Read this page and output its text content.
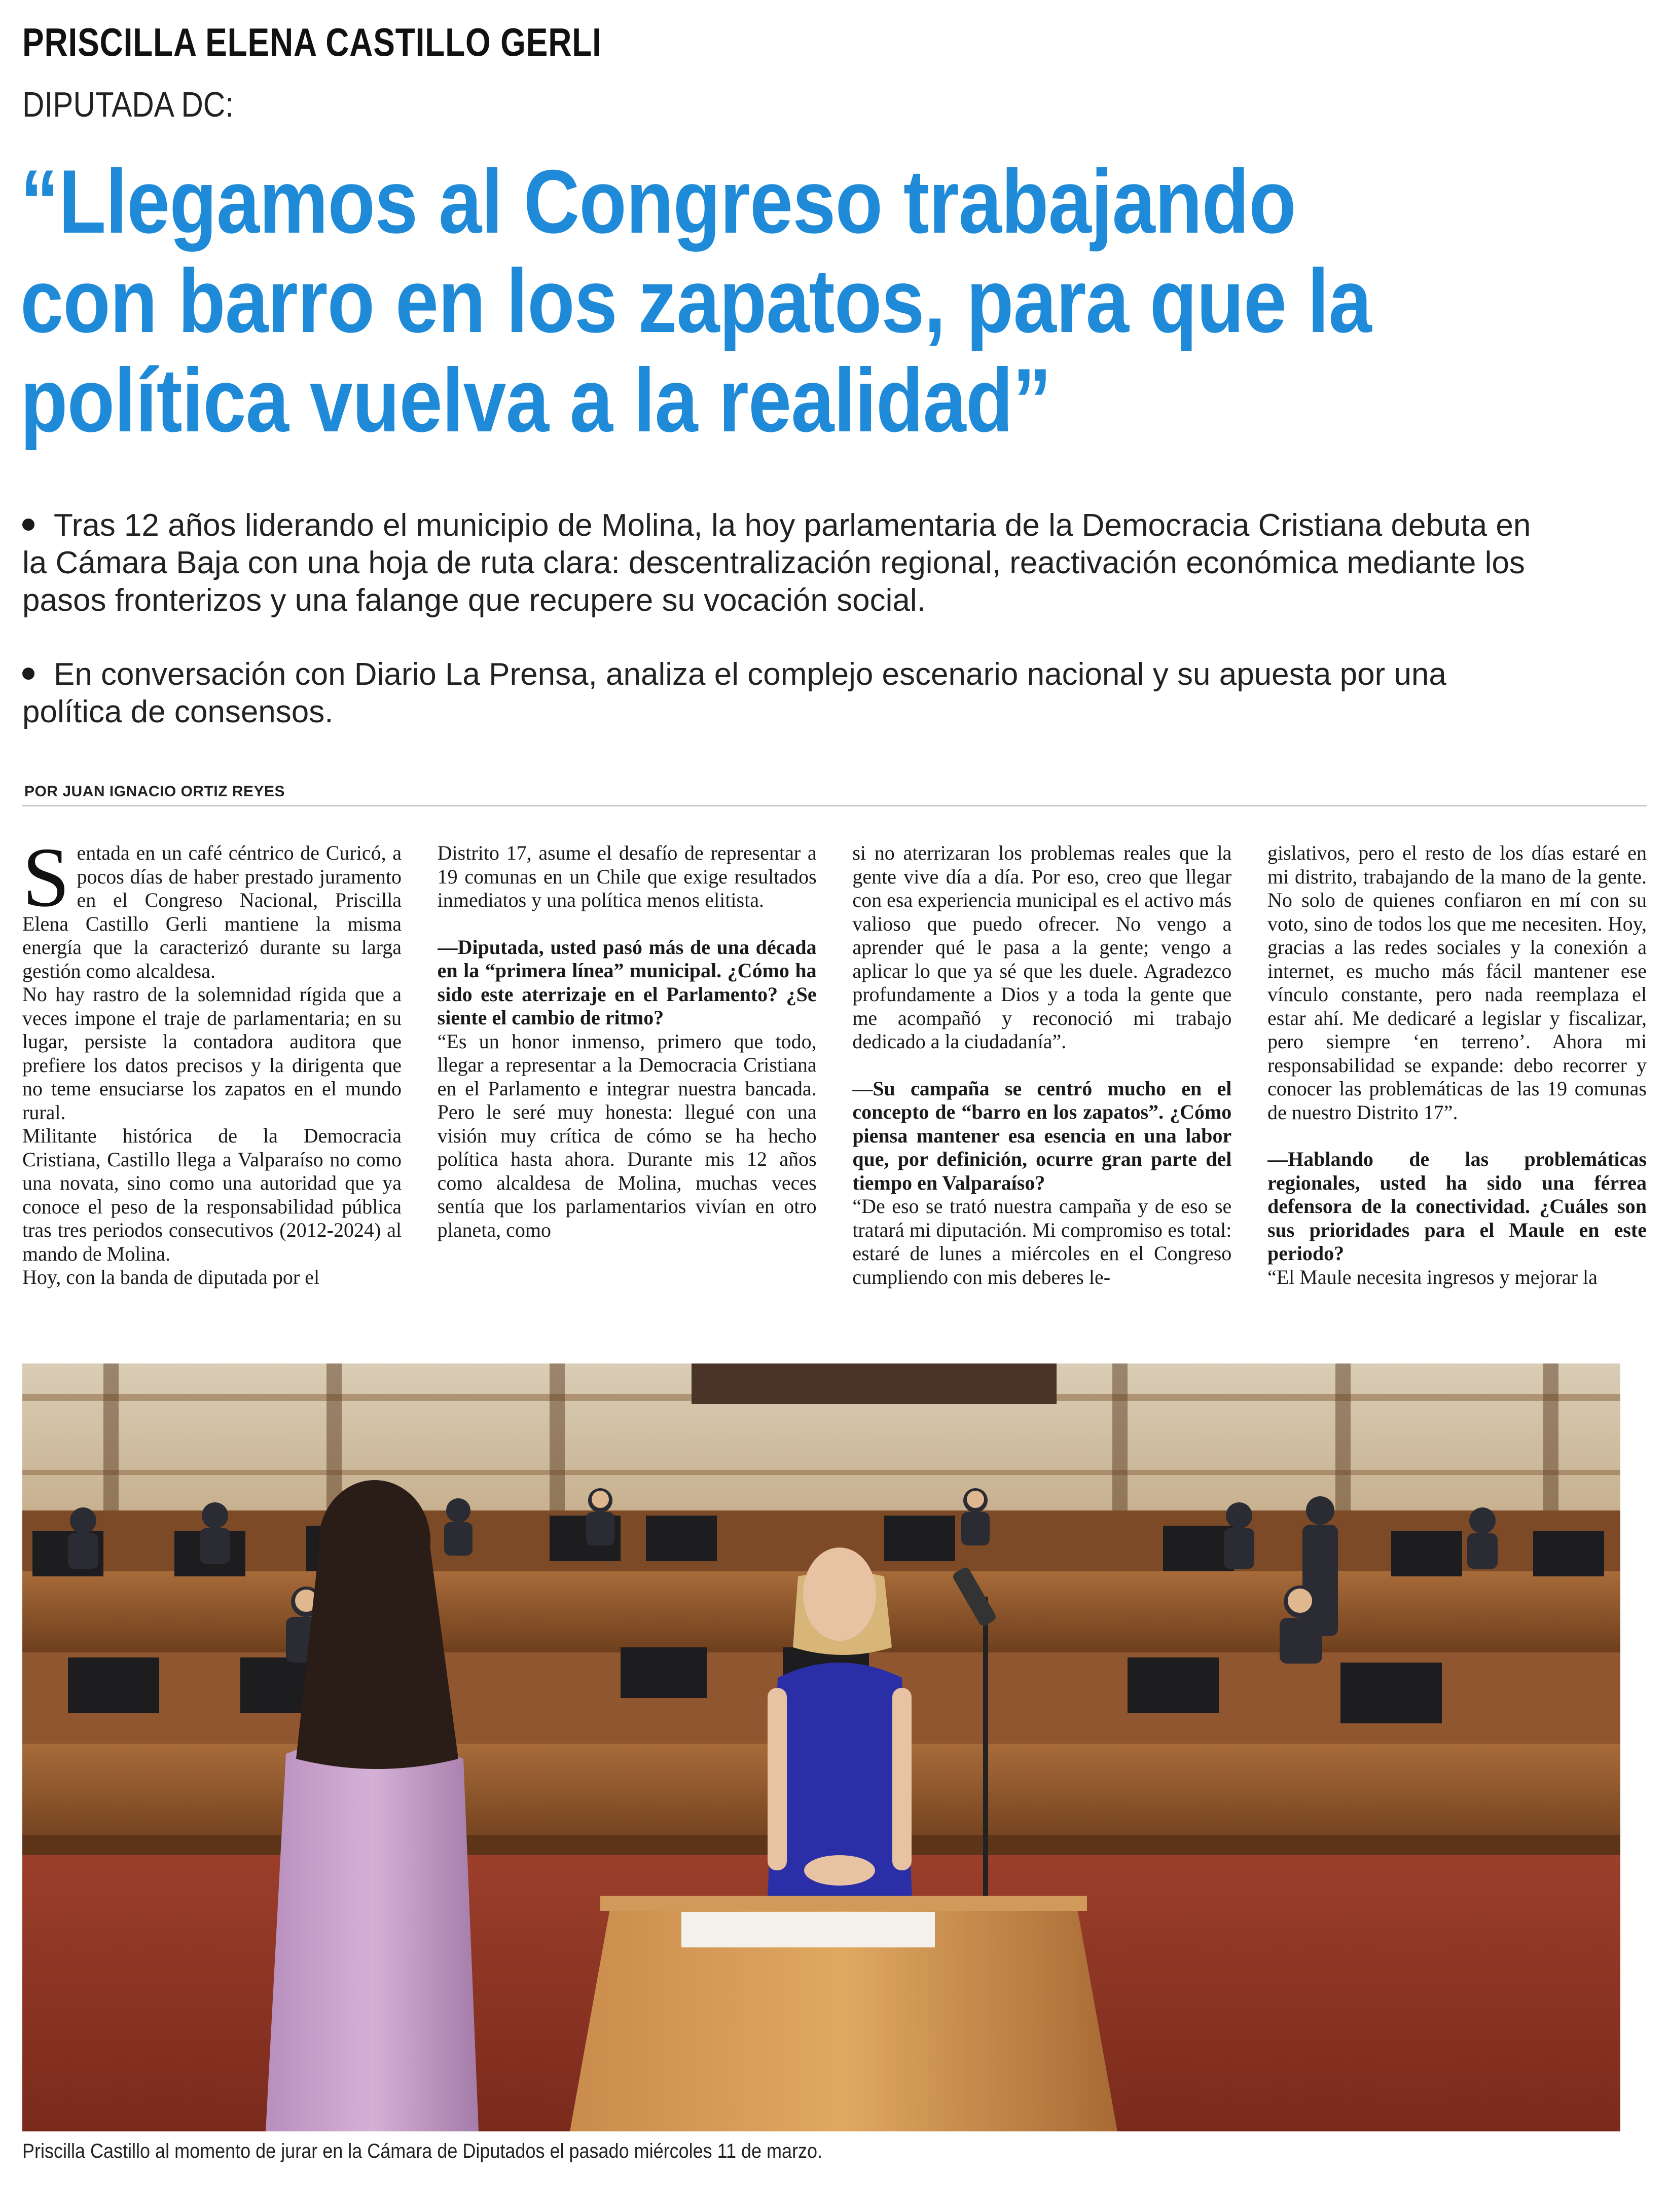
PRISCILLA ELENA CASTILLO GERLI
DIPUTADA DC:
“Llegamos al Congreso trabajando
con barro en los zapatos, para que la
política vuelva a la realidad”
Tras 12 años liderando el municipio de Molina, la hoy parlamentaria de la Democracia Cristiana debuta en la Cámara Baja con una hoja de ruta clara: descentralización regional, reactivación económica mediante los pasos fronterizos y una falange que recupere su vocación social.
En conversación con Diario La Prensa, analiza el complejo escenario nacional y su apuesta por una política de consensos.
POR JUAN IGNACIO ORTIZ REYES

Sentada en un café céntrico de Curicó, a pocos días de haber prestado juramento en el Congreso Nacional, Priscilla Elena Castillo Gerli mantiene la misma energía que la caracterizó durante su larga gestión como alcaldesa.

No hay rastro de la solemnidad rígida que a veces impone el traje de parlamentaria; en su lugar, persiste la contadora auditora que prefiere los datos precisos y la dirigenta que no teme ensuciarse los zapatos en el mundo rural.

Militante histórica de la Democracia Cristiana, Castillo llega a Valparaíso no como una novata, sino como una autoridad que ya conoce el peso de la responsabilidad pública tras tres periodos consecutivos (2012-2024) al mando de Molina.

Hoy, con la banda de diputada por el

Distrito 17, asume el desafío de representar a 19 comunas en un Chile que exige resultados inmediatos y una política menos elitista.

—Diputada, usted pasó más de una década en la “primera línea” municipal. ¿Cómo ha sido este aterrizaje en el Parlamento? ¿Se siente el cambio de ritmo?

“Es un honor inmenso, primero que todo, llegar a representar a la Democracia Cristiana en el Parlamento e integrar nuestra bancada. Pero le seré muy honesta: llegué con una visión muy crítica de cómo se ha hecho política hasta ahora. Durante mis 12 años como alcaldesa de Molina, muchas veces sentía que los parlamentarios vivían en otro planeta, como

si no aterrizaran los problemas reales que la gente vive día a día. Por eso, creo que llegar con esa experiencia municipal es el activo más valioso que puedo ofrecer. No vengo a aprender qué le pasa a la gente; vengo a aplicar lo que ya sé que les duele. Agradezco profundamente a Dios y a toda la gente que me acompañó y reconoció mi trabajo dedicado a la ciudadanía”.

—Su campaña se centró mucho en el concepto de “barro en los zapatos”. ¿Cómo piensa mantener esa esencia en una labor que, por definición, ocurre gran parte del tiempo en Valparaíso?

“De eso se trató nuestra campaña y de eso se tratará mi diputación. Mi compromiso es total: estaré de lunes a miércoles en el Congreso cumpliendo con mis deberes le-

gislativos, pero el resto de los días estaré en mi distrito, trabajando de la mano de la gente. No solo de quienes confiaron en mí con su voto, sino de todos los que me necesiten. Hoy, gracias a las redes sociales y la conexión a internet, es mucho más fácil mantener ese vínculo constante, pero nada reemplaza el estar ahí. Me dedicaré a legislar y fiscalizar, pero siempre ‘en terreno’. Ahora mi responsabilidad se expande: debo recorrer y conocer las problemáticas de las 19 comunas de nuestro Distrito 17”.

—Hablando de las problemáticas regionales, usted ha sido una férrea defensora de la conectividad. ¿Cuáles son sus prioridades para el Maule en este periodo?

“El Maule necesita ingresos y mejorar la

Priscilla Castillo al momento de jurar en la Cámara de Diputados el pasado miércoles 11 de marzo.
